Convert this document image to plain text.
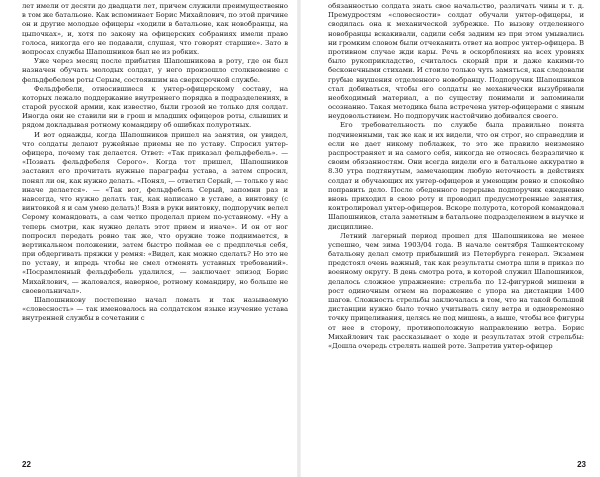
лет имели от десяти до двадцати лет, причем служили преимущественно в том же батальоне. Как вспоминает Борис Михайлович, по этой причине он и другие молодые офицеры «ходили в батальоне, как новобранцы, на цыпочках», и, хотя по закону на офицерских собраниях имели право голоса, никогда его не подавали, слушая, что говорят старшие». Зато в вопросах службы Шапошников был не из робких.

Уже через месяц после прибытия Шапошникова в роту, где он был назначен обучать молодых солдат, у него произошло столкновение с фельдфебелем роты Серым, состоявшим на сверхсрочной службе.

Фельдфебели, относившиеся к унтер-офицерскому составу, на которых лежало поддержание внутреннего порядка в подразделениях, в старой русской армии, как известно, были грозой не только для солдат. Иногда они не ставили ни в грош и младших офицеров роты, слывших и рядом докладывая ротному командиру об ошибках полуротных.

И вот однажды, когда Шапошников пришел на занятия, он увидел, что солдаты делают ружейные приемы не по уставу. Спросил унтер-офицера, почему так делается. Ответ: «Так приказал фельдфебель». — «Позвать фельдфебеля Серого». Когда тот пришел, Шапошников заставил его прочитать нужные параграфы устава, а затем спросил, понял ли он, как нужно делать. «Понял, — ответил Серый, — только у нас иначе делается». — «Так вот, фельдфебель Серый, запомни раз и навсегда, что нужно делать так, как написано в уставе, а винтовку (с винтовкой я и сам умею делать)! Взяв в руки винтовку, подпоручик велел Серому командовать, а сам четко проделал прием по-уставному. «Ну а теперь смотри, как нужно делать этот прием и иначе». И он от ног попросил передать ровно так же, что оружие тоже поднимается, в вертикальном положении, затем быстро поймав ее с предплечья себя, при обдергивать пряжки у ремня: «Видел, как можно сделать? Но это не по уставу, и впредь чтобы не смел отменять уставных требований». «Посрамленный фельдфебель удалился, — заключает эпизод Борис Михайлович, — жаловался, наверное, ротному командиру, но больше не своевольничал».

Шапошникову постепенно начал ломать и так называемую «словесность» — так именовалось на солдатском языке изучение устава внутренней службы в сочетании с

22

обязанностью солдата знать свое начальство, различать чины и т. д. Премудростям «словесности» солдат обучали унтер-офицеры, и сводилась она к механической зубрежке. По вызову отделенного новобранцы вскакивали, садили себя задним нэ при этом умывались ни громким словом были отчеканить ответ на вопрос унтер-офицера. В противном случае жди кары. Речь в оскорблениях на всех уровнях было рукоприкладство, считалось скорый при и даже какими-то бесконечными стихами. И стоило только чуть замяться, как следовали грубые внушения отделенного новобранцу. Подпоручик Шапошников стал добиваться, чтобы его солдаты не механически вызубривали необходимый материал, а по существу понимали и запоминали осознанно. Такая методика была встречена унтер-офицерами с явным неудовольствием. Но подпоручик настойчиво добивался своего.

Его требовательность по службе была правильно понята подчиненными, так же как и их видели, что он строг, но справедлив и если не дает никому поблажек, то это же правило неизменно распространяет и на самого себя, никогда не относясь безразлично к своим обязанностям. Они всегда видели его в батальоне аккуратно в 8.30 утра подтянутым, замечающим любую неточность в действиях солдат и обучающих их унтер-офицеров и умеющим ровно и спокойно поправить дело. После обеденного перерыва подпоручик ежедневно вновь приходил в свою роту и проводил предусмотренные занятия, контролировал унтер-офицеров. Вскоре полурота, которой командовал Шапошников, стала заметным в батальоне подразделением в выучке и дисциплине.

Летний лагерный период прошел для Шапошникова не менее успешно, чем зима 1903/04 года. В начале сентября Ташкентскому батальону делал смотр прибывший из Петербурга генерал. Экзамен предстоял очень важный, так как результаты смотра шли в приказ по военному округу. В день смотра рота, в которой служил Шапошников, делалось сложное упражнение: стрельба по 12-фигурной мишени в рост одиночным огнем на поражение с упора на дистанции 1400 шагов. Сложность стрельбы заключалась в том, что на такой большой дистанции нужно было точно учитывать силу ветра и одновременно точку прицеливания, целясь не под мишень, а выше, чтобы все фигуры от нее в сторону, противоположную направлению ветра. Борис Михайлович так рассказывает о ходе и результатах этой стрельбы: «Дошла очередь стрелять нашей роте. Запретив унтер-офицер

23
